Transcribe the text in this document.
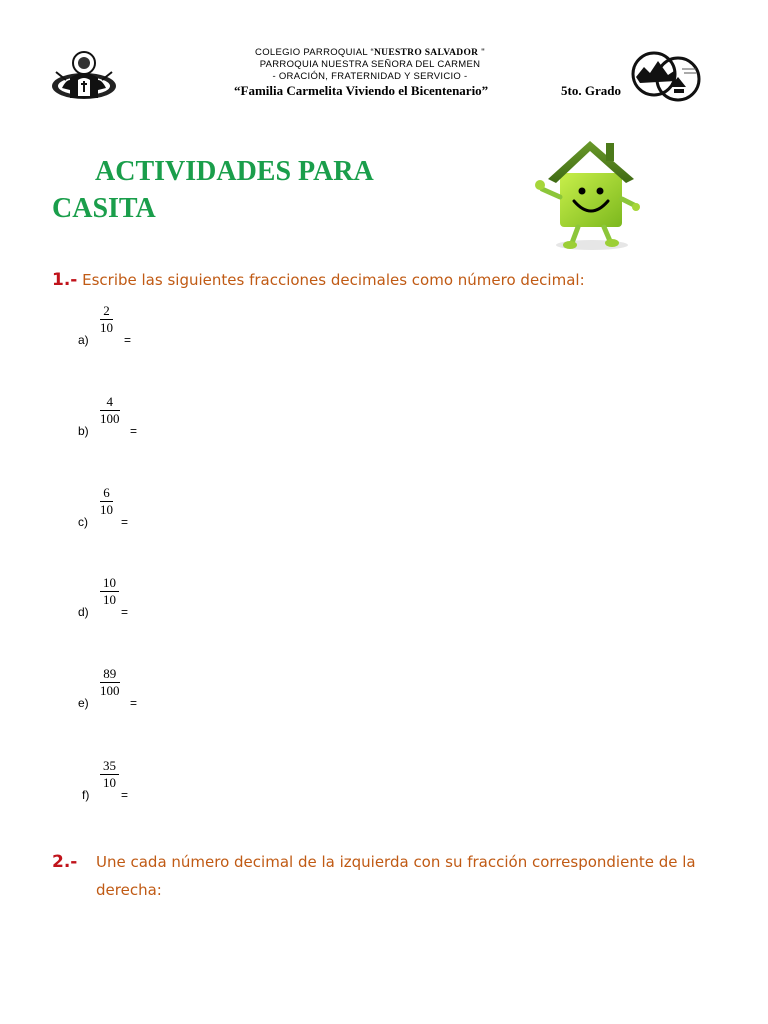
COLEGIO PARROQUIAL “NUESTRO SALVADOR "
PARROQUIA NUESTRA SEÑORA DEL CARMEN
- ORACIÓN, FRATERNIDAD Y SERVICIO -
“Familia Carmelita Viviendo el Bicentenario”	5to. Grado
ACTIVIDADES PARA
CASITA
1.- Escribe las siguientes fracciones decimales como número decimal:
a)
$\frac{2}{10}$
=
b)
$\frac{4}{100}$
=
c)
$\frac{6}{10}$
=
d)
$\frac{10}{10}$
=
e)
$\frac{89}{100}$
=
f)
$\frac{35}{10}$
=
2.- Une cada número decimal de la izquierda con su fracción correspondiente de la derecha:
